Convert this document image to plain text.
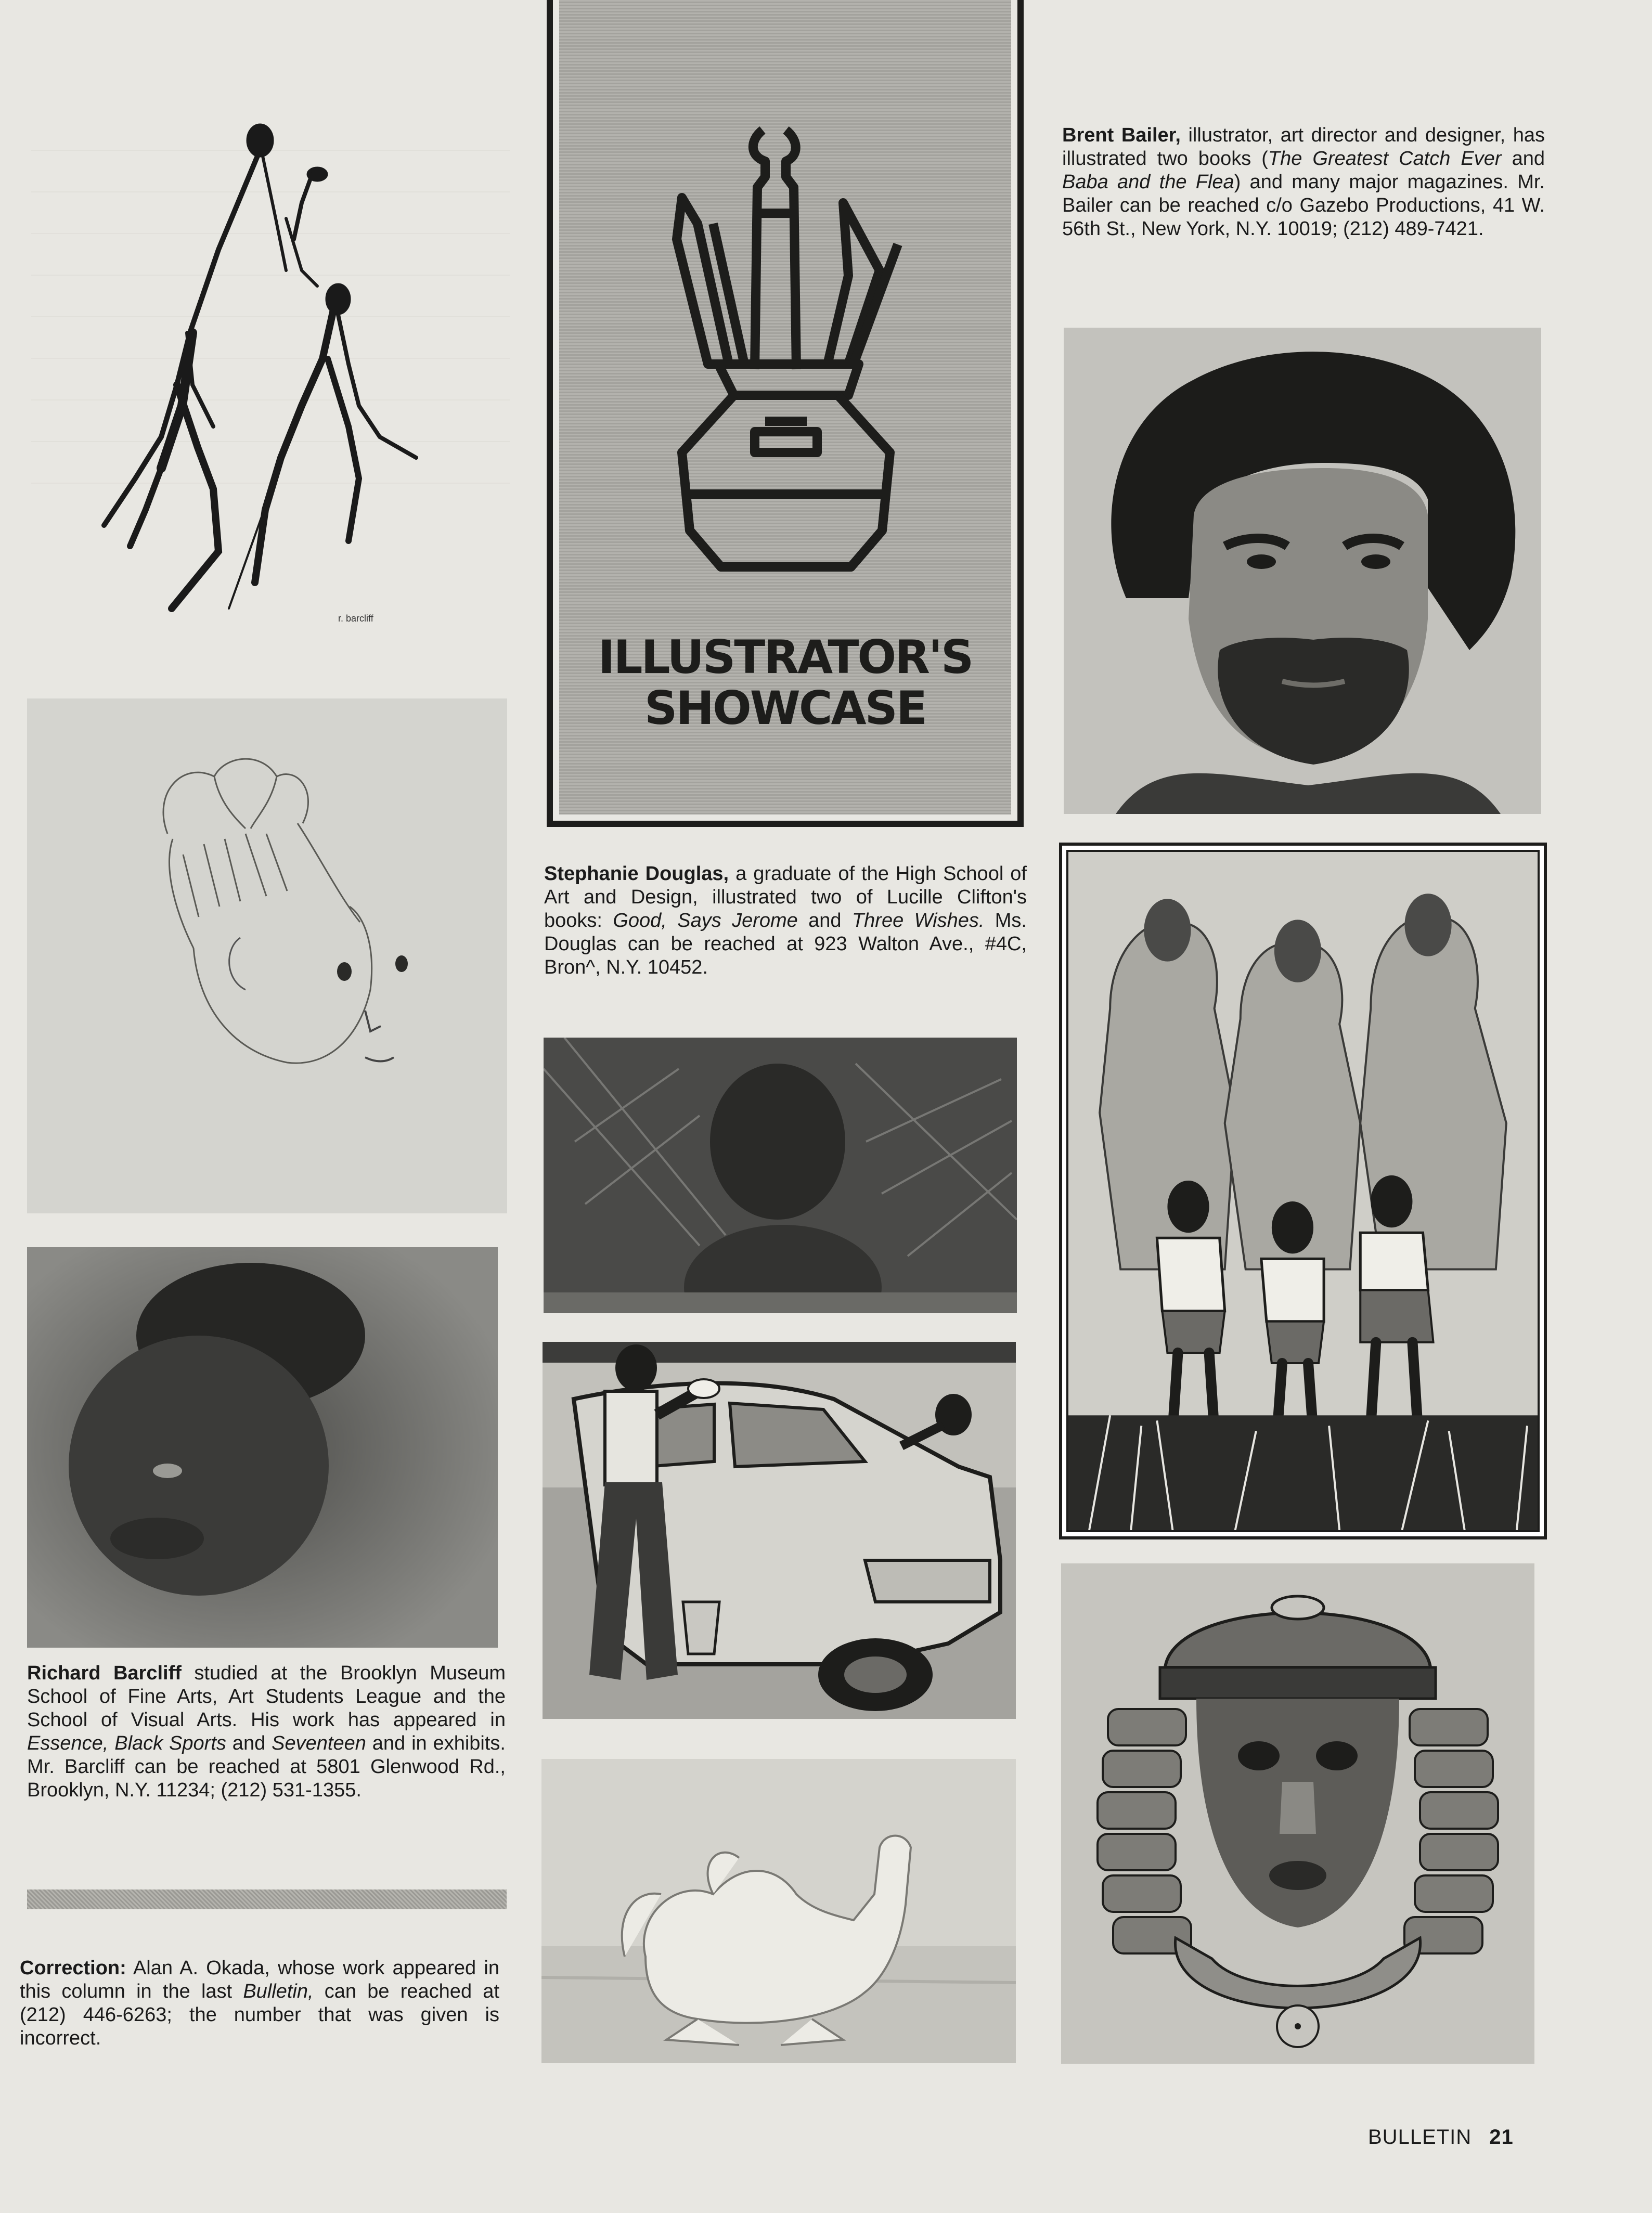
r. barcliff
Richard Barcliff studied at the Brooklyn Museum School of Fine Arts, Art Students League and the School of Visual Arts. His work has appeared in Essence, Black Sports and Seventeen and in exhibits. Mr. Barcliff can be reached at 5801 Glenwood Rd., Brooklyn, N.Y. 11234; (212) 531-1355.
Correction: Alan A. Okada, whose work appeared in this column in the last Bulletin, can be reached at (212) 446-6263; the number that was given is incorrect.
ILLUSTRATOR'S
SHOWCASE
Stephanie Douglas, a graduate of the High School of Art and Design, illustrated two of Lucille Clifton's books: Good, Says Jerome and Three Wishes. Ms. Douglas can be reached at 923 Walton Ave., #4C, Bron^, N.Y. 10452.
Brent Bailer, illustrator, art director and designer, has illustrated two books (The Greatest Catch Ever and Baba and the Flea) and many major magazines. Mr. Bailer can be reached c/o Gazebo Productions, 41 W. 56th St., New York, N.Y. 10019; (212) 489-7421.
BULLETIN 21
